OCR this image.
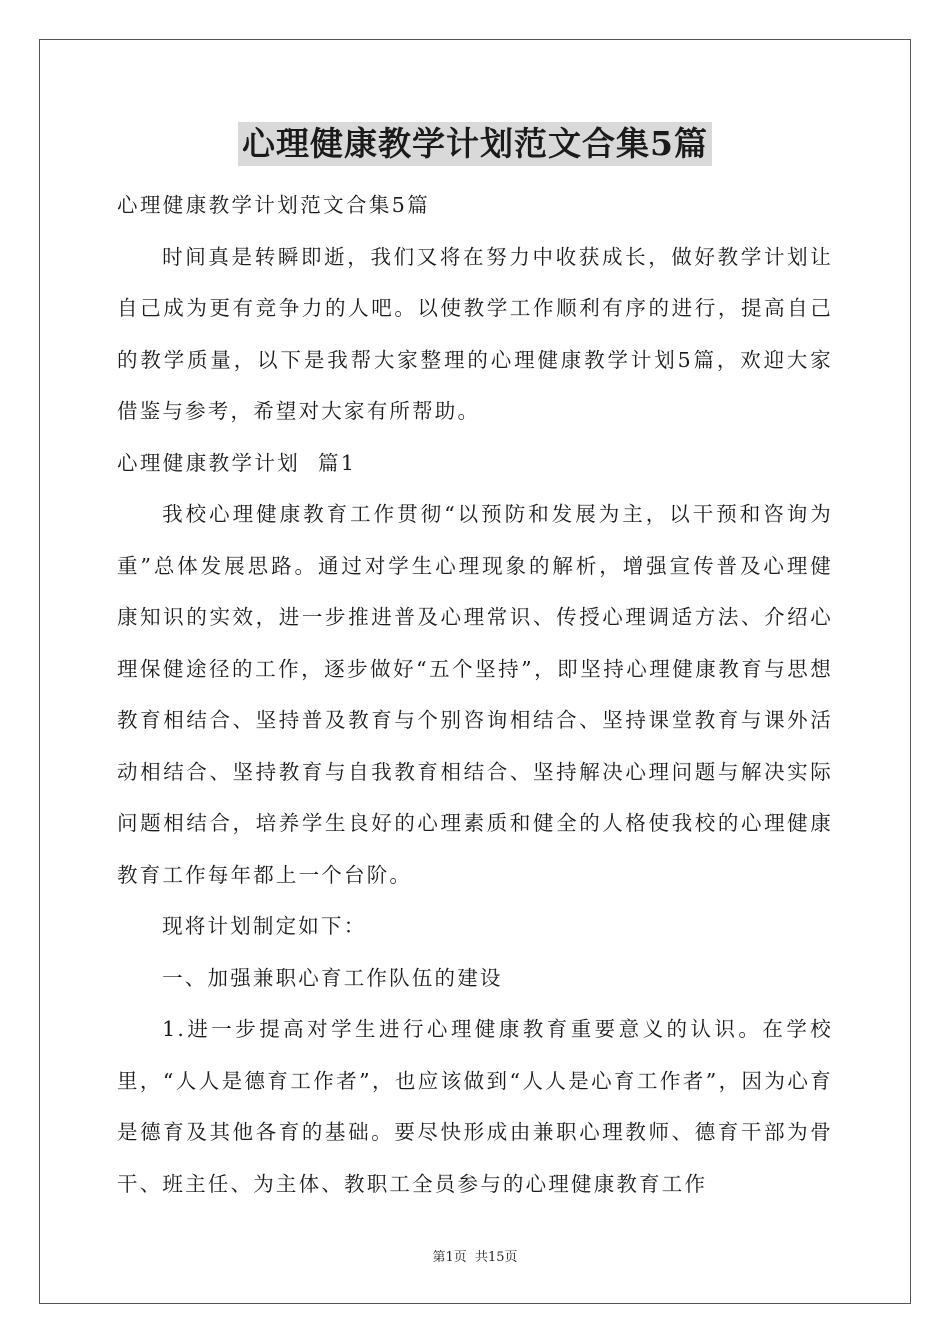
心理健康教学计划范文合集5篇

心理健康教学计划范文合集5篇

时间真是转瞬即逝，我们又将在努力中收获成长，做好教学计划让自己成为更有竞争力的人吧。以使教学工作顺利有序的进行，提高自己的教学质量，以下是我帮大家整理的心理健康教学计划5篇，欢迎大家借鉴与参考，希望对大家有所帮助。

心理健康教学计划  篇1

我校心理健康教育工作贯彻“以预防和发展为主，以干预和咨询为重”总体发展思路。通过对学生心理现象的解析，增强宣传普及心理健康知识的实效，进一步推进普及心理常识、传授心理调适方法、介绍心理保健途径的工作，逐步做好“五个坚持”，即坚持心理健康教育与思想教育相结合、坚持普及教育与个别咨询相结合、坚持课堂教育与课外活动相结合、坚持教育与自我教育相结合、坚持解决心理问题与解决实际问题相结合，培养学生良好的心理素质和健全的人格使我校的心理健康教育工作每年都上一个台阶。

现将计划制定如下：

一、加强兼职心育工作队伍的建设

1.进一步提高对学生进行心理健康教育重要意义的认识。在学校里，“人人是德育工作者”，也应该做到“人人是心育工作者”，因为心育是德育及其他各育的基础。要尽快形成由兼职心理教师、德育干部为骨干、班主任、为主体、教职工全员参与的心理健康教育工作

第1页 共15页
